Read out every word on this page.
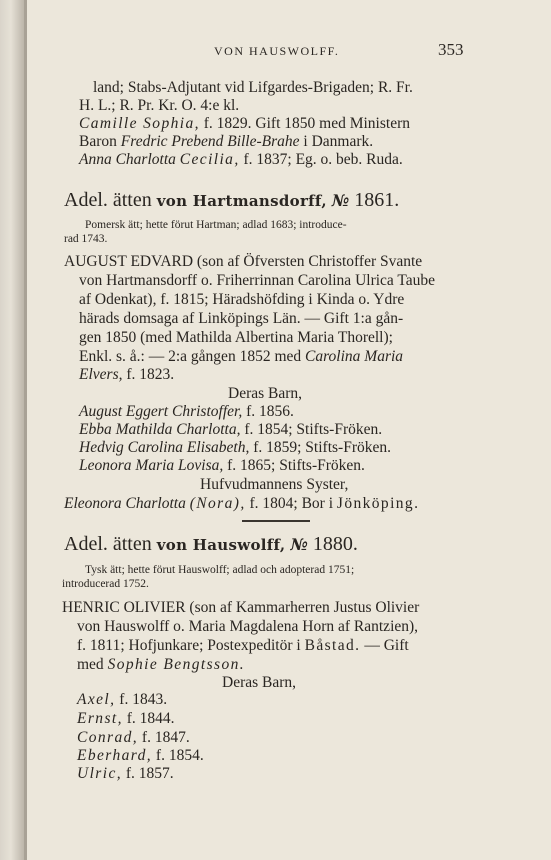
VON HAUSWOLFF.	353
land; Stabs-Adjutant vid Lifgardes-Brigaden; R. Fr.
H. L.; R. Pr. Kr. O. 4:e kl.
Camille Sophia, f. 1829. Gift 1850 med Ministern
Baron Fredric Prebend Bille-Brahe i Danmark.
Anna Charlotta Cecilia, f. 1837; Eg. o. beb. Ruda.
Adel. ätten von Hartmansdorff, № 1861.
Pomersk ätt; hette förut Hartman; adlad 1683; introduce-
rad 1743.
AUGUST EDVARD (son af Öfversten Christoffer Svante
von Hartmansdorff o. Friherrinnan Carolina Ulrica Taube
af Odenkat), f. 1815; Häradshöfding i Kinda o. Ydre
härads domsaga af Linköpings Län. — Gift 1:a gån-
gen 1850 (med Mathilda Albertina Maria Thorell);
Enkl. s. å.: — 2:a gången 1852 med Carolina Maria
Elvers, f. 1823.
Deras Barn,
August Eggert Christoffer, f. 1856.
Ebba Mathilda Charlotta, f. 1854; Stifts-Fröken.
Hedvig Carolina Elisabeth, f. 1859; Stifts-Fröken.
Leonora Maria Lovisa, f. 1865; Stifts-Fröken.
Hufvudmannens Syster,
Eleonora Charlotta (Nora), f. 1804; Bor i Jönköping.
Adel. ätten von Hauswolff, № 1880.
Tysk ätt; hette förut Hauswolff; adlad och adopterad 1751;
introducerad 1752.
HENRIC OLIVIER (son af Kammarherren Justus Olivier
von Hauswolff o. Maria Magdalena Horn af Rantzien),
f. 1811; Hofjunkare; Postexpeditör i Båstad. — Gift
med Sophie Bengtsson.
Deras Barn,
Axel, f. 1843.
Ernst, f. 1844.
Conrad, f. 1847.
Eberhard, f. 1854.
Ulric, f. 1857.
